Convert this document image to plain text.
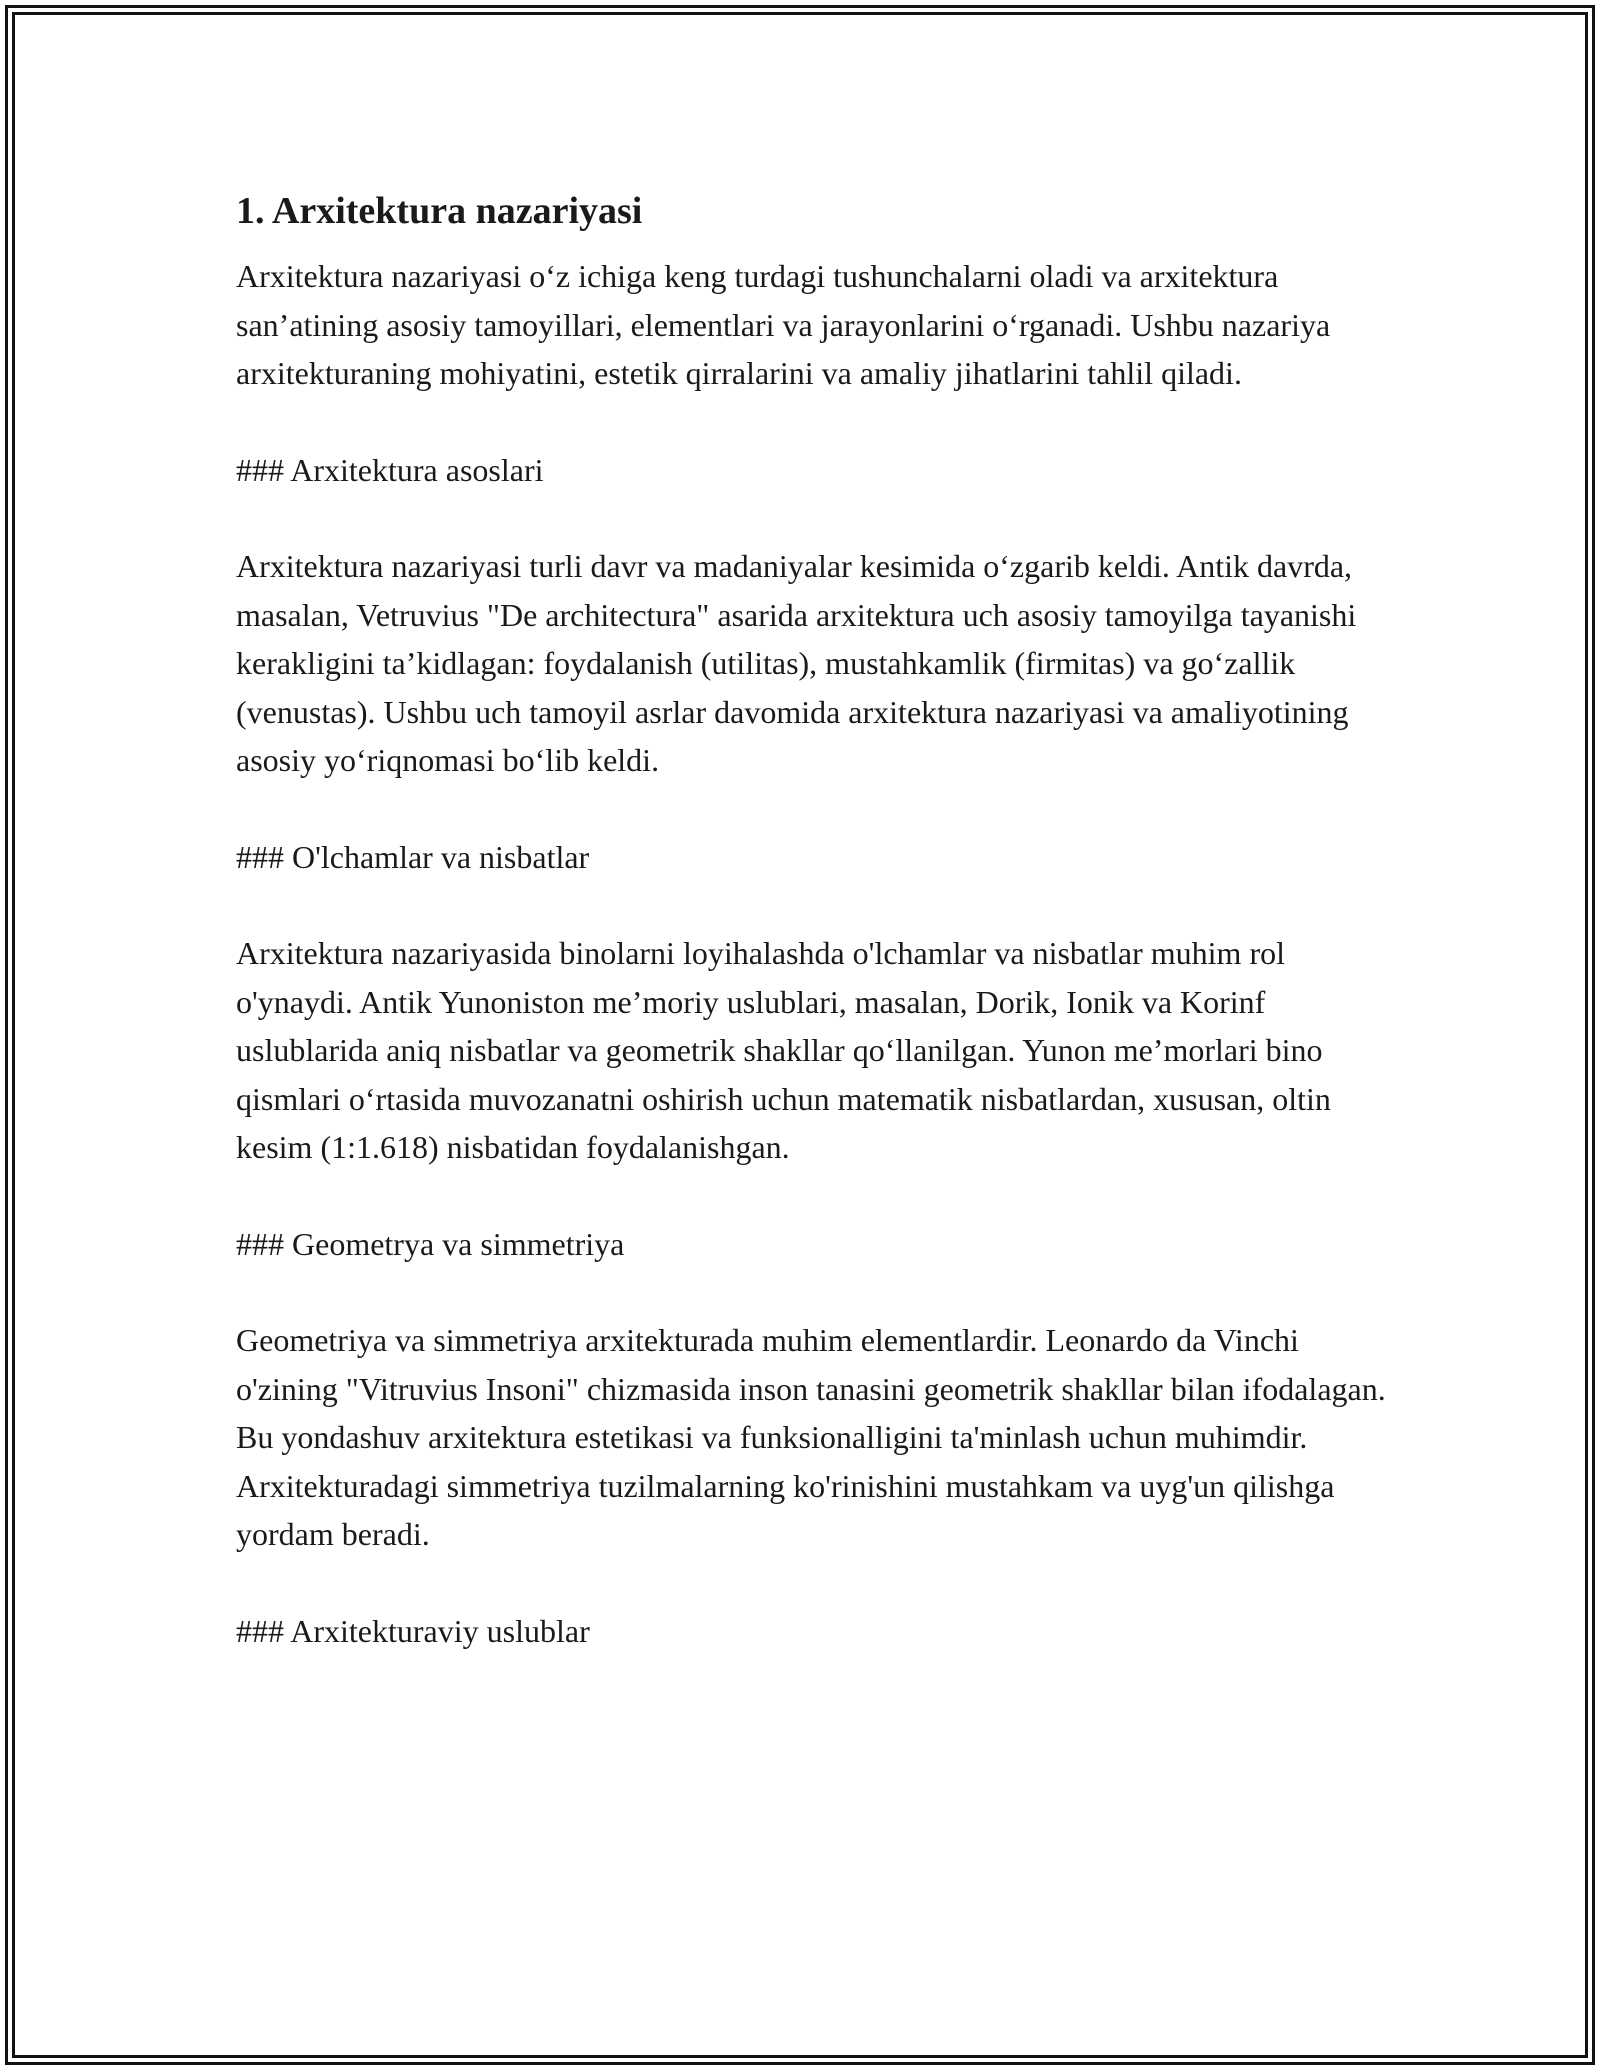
1. Arxitektura nazariyasi

Arxitektura nazariyasi o‘z ichiga keng turdagi tushunchalarni oladi va arxitektura san’atining asosiy tamoyillari, elementlari va jarayonlarini o‘rganadi. Ushbu nazariya arxitekturaning mohiyatini, estetik qirralarini va amaliy jihatlarini tahlil qiladi.

### Arxitektura asoslari

Arxitektura nazariyasi turli davr va madaniyalar kesimida o‘zgarib keldi. Antik davrda, masalan, Vetruvius "De architectura" asarida arxitektura uch asosiy tamoyilga tayanishi kerakligini ta’kidlagan: foydalanish (utilitas), mustahkamlik (firmitas) va go‘zallik (venustas). Ushbu uch tamoyil asrlar davomida arxitektura nazariyasi va amaliyotining asosiy yo‘riqnomasi bo‘lib keldi.

### O'lchamlar va nisbatlar

Arxitektura nazariyasida binolarni loyihalashda o'lchamlar va nisbatlar muhim rol o'ynaydi. Antik Yunoniston me’moriy uslublari, masalan, Dorik, Ionik va Korinf uslublarida aniq nisbatlar va geometrik shakllar qo‘llanilgan. Yunon me’morlari bino qismlari o‘rtasida muvozanatni oshirish uchun matematik nisbatlardan, xususan, oltin kesim (1:1.618) nisbatidan foydalanishgan.

### Geometrya va simmetriya

Geometriya va simmetriya arxitekturada muhim elementlardir. Leonardo da Vinchi o'zining "Vitruvius Insoni" chizmasida inson tanasini geometrik shakllar bilan ifodalagan. Bu yondashuv arxitektura estetikasi va funksionalligini ta'minlash uchun muhimdir. Arxitekturadagi simmetriya tuzilmalarning ko'rinishini mustahkam va uyg'un qilishga yordam beradi.

### Arxitekturaviy uslublar
